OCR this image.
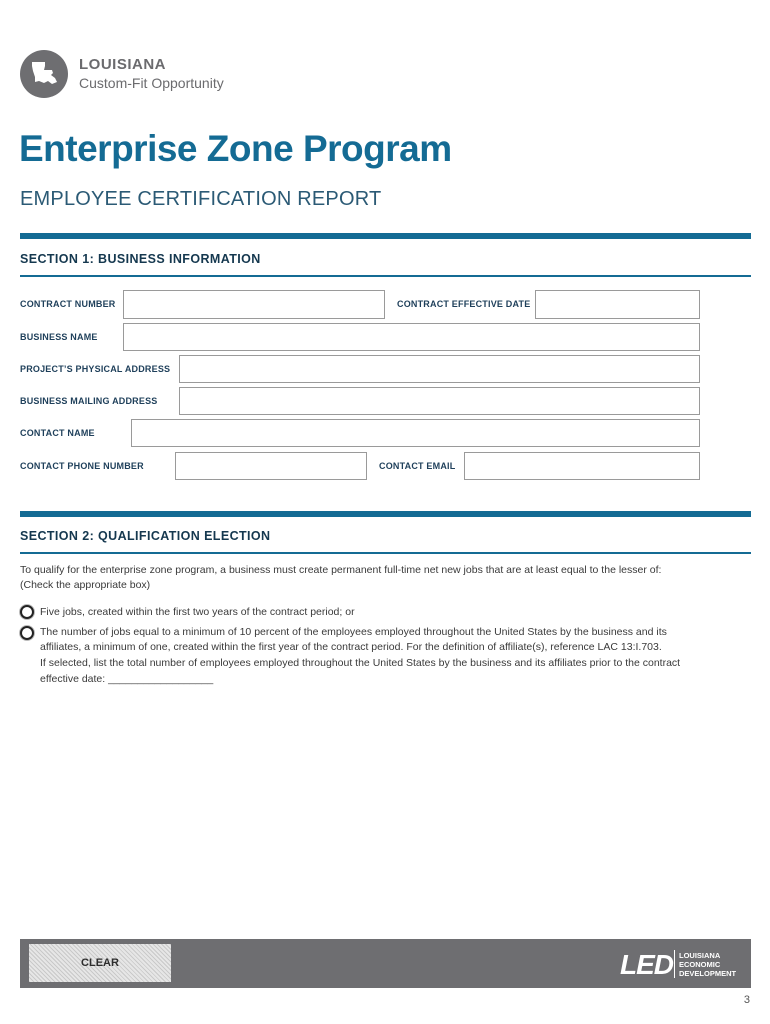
LOUISIANA
Custom-Fit Opportunity
Enterprise Zone Program
EMPLOYEE CERTIFICATION REPORT
SECTION 1: BUSINESS INFORMATION
CONTRACT NUMBER	CONTRACT EFFECTIVE DATE
BUSINESS NAME
PROJECT’S PHYSICAL ADDRESS
BUSINESS MAILING ADDRESS
CONTACT NAME
CONTACT PHONE NUMBER	CONTACT EMAIL
SECTION 2: QUALIFICATION ELECTION
To qualify for the enterprise zone program, a business must create permanent full-time net new jobs that are at least equal to the lesser of:
(Check the appropriate box)
Five jobs, created within the first two years of the contract period; or
The number of jobs equal to a minimum of 10 percent of the employees employed throughout the United States by the business and its
affiliates, a minimum of one, created within the first year of the contract period. For the definition of affiliate(s), reference LAC 13:I.703.
If selected, list the total number of employees employed throughout the United States by the business and its affiliates prior to the contract
effective date: __________________
CLEAR	LED LOUISIANA
ECONOMIC
DEVELOPMENT
3
